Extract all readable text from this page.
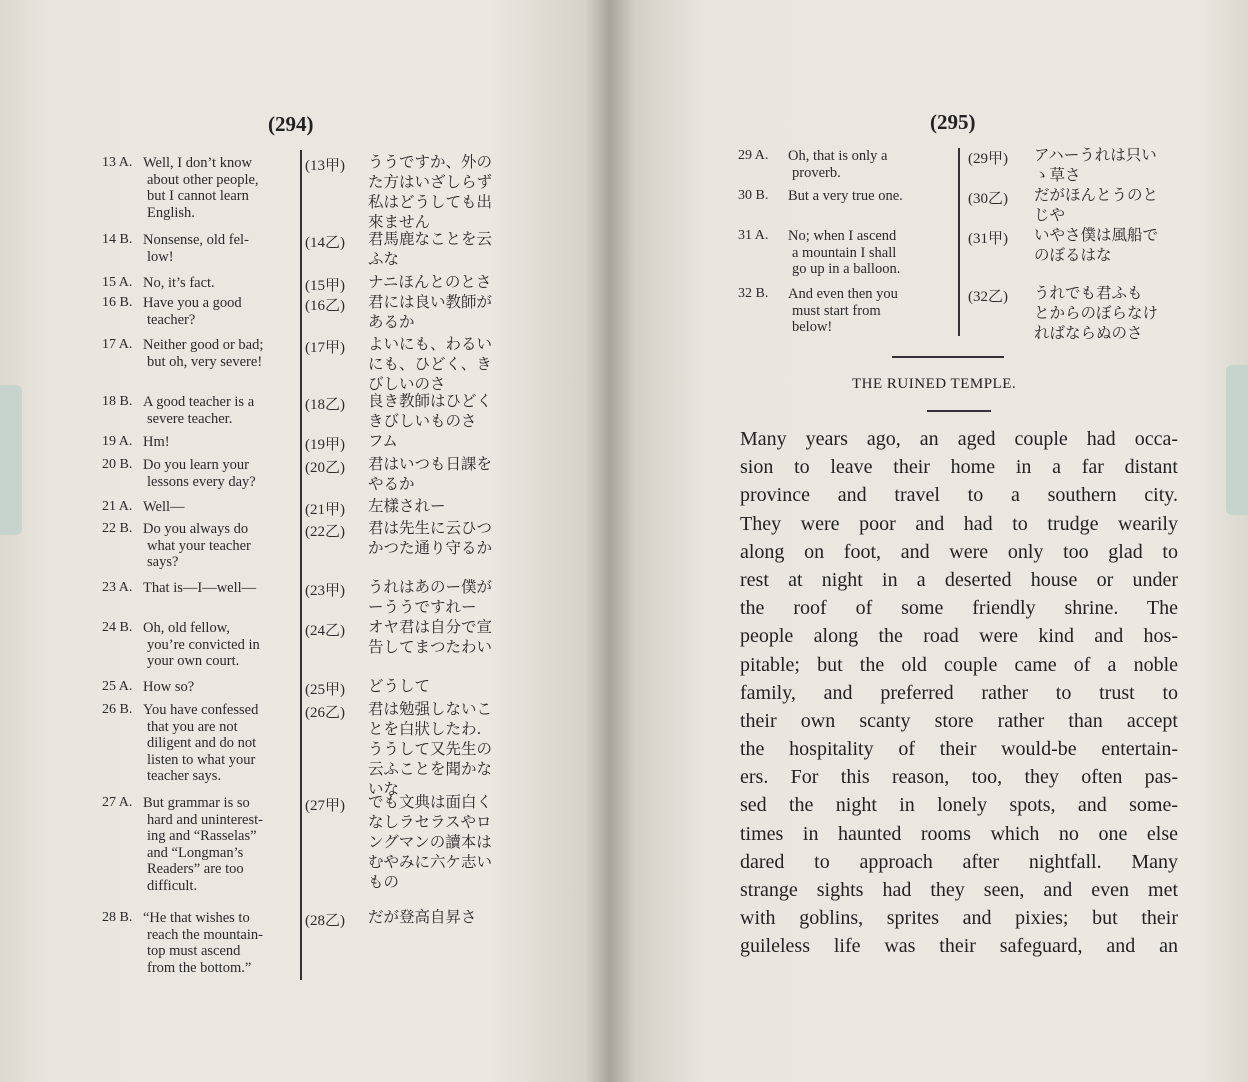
(294)	(295)
13 A. Well, I don’t know
about other people,
but I cannot learn
English.
(13甲) ううですか、外の
た方はいざしらず
私はどうしても出
來ません
14 B. Nonsense, old fel-
low!
(14乙) 君馬鹿なことを云
ふな
15 A. No, it’s fact.	(15甲) ナニほんとのとさ
16 B. Have you a good
teacher?
(16乙) 君には良い教師が
あるか
17 A. Neither good or bad;
but oh, very severe!
(17甲) よいにも、わるい
にも、ひどく、き
びしいのさ
18 B. A good teacher is a
severe teacher.
(18乙) 良き教師はひどく
きびしいものさ
19 A. Hm!	(19甲) フム
20 B. Do you learn your
lessons every day?
(20乙) 君はいつも日課を
やるか
21 A. Well—	(21甲) 左樣されー
22 B. Do you always do
what your teacher
says?
(22乙) 君は先生に云ひつ
かつた通り守るか
23 A. That is—I—well—	(23甲) うれはあのー僕が
ーううですれー
24 B. Oh, old fellow,
you’re convicted in
your own court.
(24乙) オヤ君は自分で宣
告してまつたわい
25 A. How so?	(25甲) どうして
26 B. You have confessed
that you are not
diligent and do not
listen to what your
teacher says.
(26乙) 君は勉强しないこ
とを白狀したわ.
ううして又先生の
云ふことを聞かな
いな
27 A. But grammar is so
hard and uninterest-
ing and “Rasselas”
and “Longman’s
Readers” are too
difficult.
(27甲) でも文典は面白く
なしラセラスやロ
ングマンの讀本は
むやみに六ケ志い
もの
28 B. “He that wishes to
reach the mountain-
top must ascend
from the bottom.”
(28乙) だが登高自昇さ
29 A. Oh, that is only a
proverb.
(29甲) アハーうれは只い
ゝ草さ
30 B. But a very true one.	(30乙) だがほんとうのと
じや
31 A. No; when I ascend
a mountain I shall
go up in a balloon.
(31甲) いやさ僕は風船で
のぼるはな
32 B. And even then you
must start from
below!
(32乙) うれでも君ふも
とからのぼらなけ
ればならぬのさ
THE RUINED TEMPLE.
Many years ago, an aged couple had occa-
sion to leave their home in a far distant
province and travel to a southern city.
They were poor and had to trudge wearily
along on foot, and were only too glad to
rest at night in a deserted house or under
the roof of some friendly shrine. The
people along the road were kind and hos-
pitable; but the old couple came of a noble
family, and preferred rather to trust to
their own scanty store rather than accept
the hospitality of their would-be entertain-
ers. For this reason, too, they often pas-
sed the night in lonely spots, and some-
times in haunted rooms which no one else
dared to approach after nightfall. Many
strange sights had they seen, and even met
with goblins, sprites and pixies; but their
guileless life was their safeguard, and an
